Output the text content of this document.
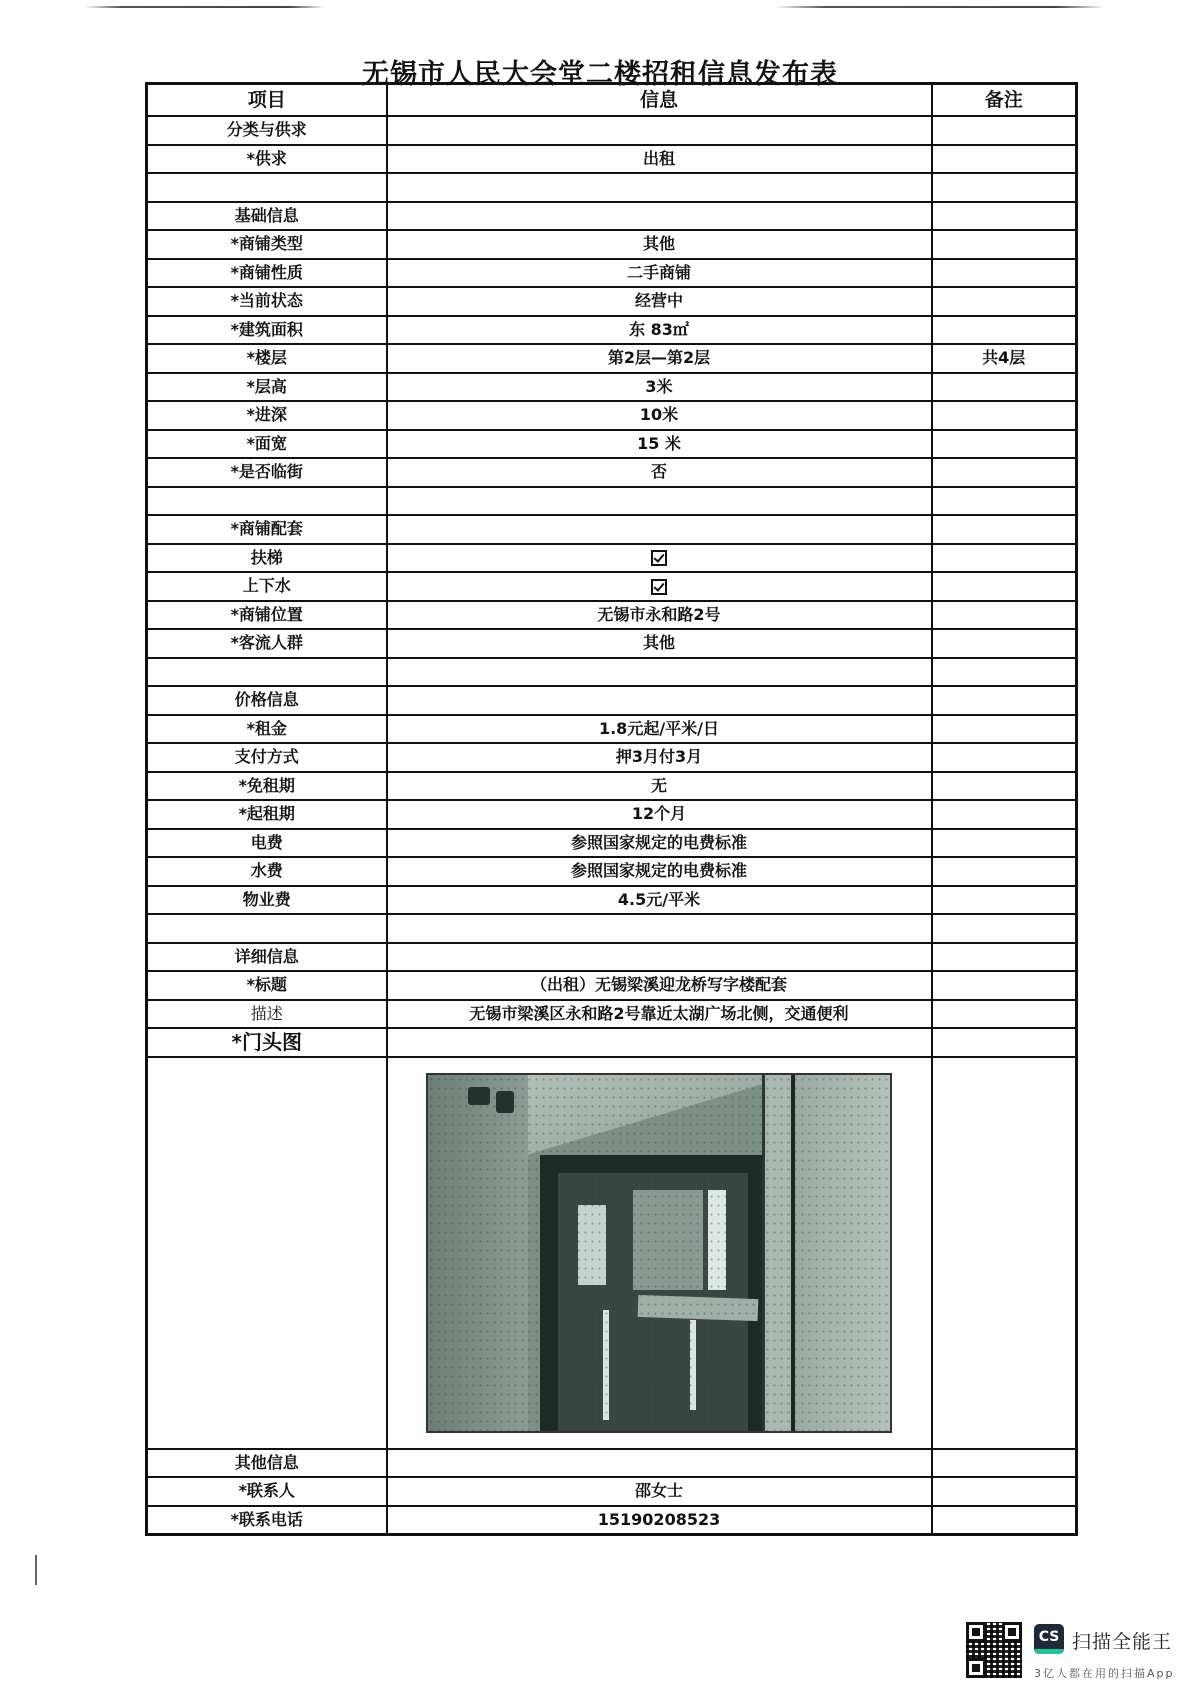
无锡市人民大会堂二楼招租信息发布表
项目	信息	备注
分类与供求		
*供求	出租	

基础信息		
*商铺类型	其他	
*商铺性质	二手商铺	
*当前状态	经营中	
*建筑面积	东 83㎡	
*楼层	第2层—第2层	共4层
*层高	3米	
*进深	10米	
*面宽	15 米	
*是否临街	否	

*商铺配套		
扶梯		
上下水		
*商铺位置	无锡市永和路2号	
*客流人群	其他	

价格信息		
*租金	1.8元起/平米/日	
支付方式	押3月付3月	
*免租期	无	
*起租期	12个月	
电费	参照国家规定的电费标准	
水费	参照国家规定的电费标准	
物业费	4.5元/平米	

详细信息		
*标题	（出租）无锡梁溪迎龙桥写字楼配套	
描述	无锡市梁溪区永和路2号靠近太湖广场北侧，交通便利	
*门头图		

其他信息		
*联系人	邵女士	
*联系电话	15190208523	
CS 扫描全能王
3亿人都在用的扫描App
